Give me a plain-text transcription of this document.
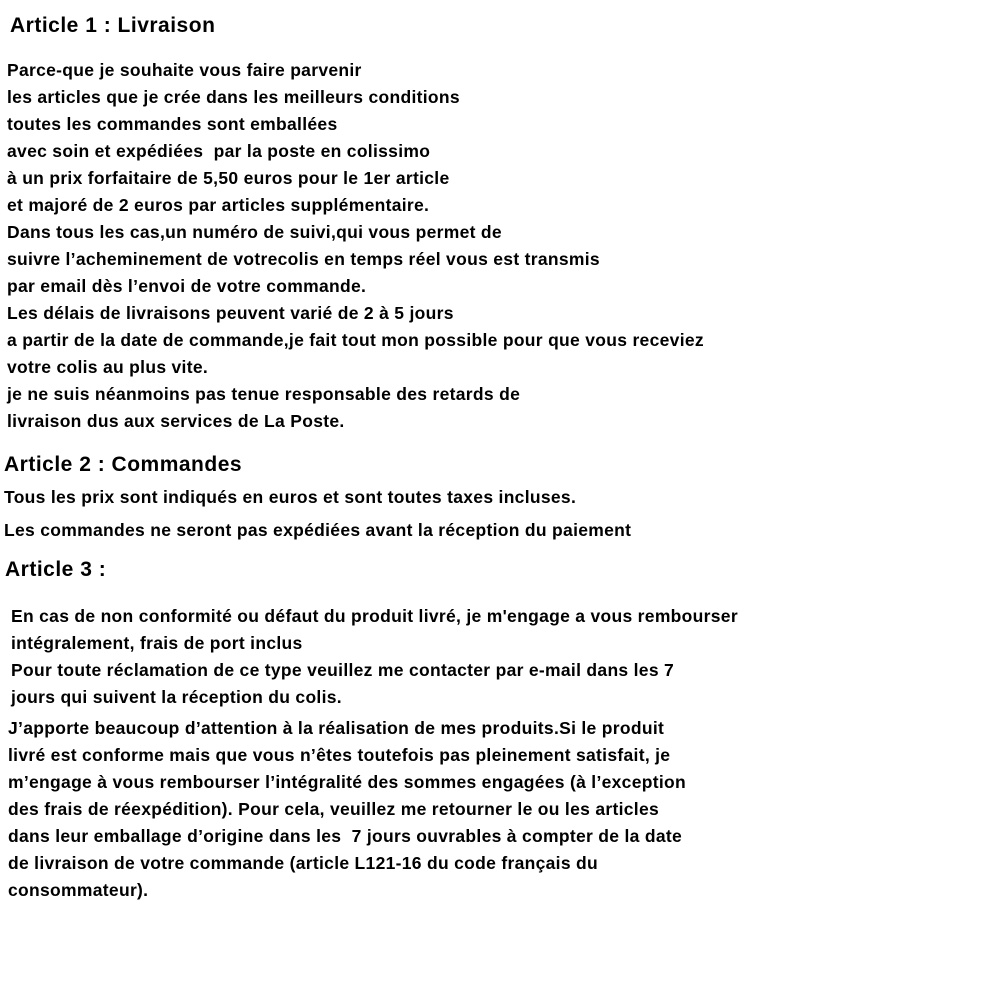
Article 1 : Livraison
Parce-que je souhaite vous faire parvenir
les articles que je crée dans les meilleurs conditions
toutes les commandes sont emballées
avec soin et expédiées  par la poste en colissimo
à un prix forfaitaire de 5,50 euros pour le 1er article
et majoré de 2 euros par articles supplémentaire.
Dans tous les cas,un numéro de suivi,qui vous permet de
suivre l’acheminement de votrecolis en temps réel vous est transmis
par email dès l’envoi de votre commande.
Les délais de livraisons peuvent varié de 2 à 5 jours
a partir de la date de commande,je fait tout mon possible pour que vous receviez
votre colis au plus vite.
je ne suis néanmoins pas tenue responsable des retards de
livraison dus aux services de La Poste.
Article 2 : Commandes
Tous les prix sont indiqués en euros et sont toutes taxes incluses.
Les commandes ne seront pas expédiées avant la réception du paiement
Article 3 :
En cas de non conformité ou défaut du produit livré, je m'engage a vous rembourser
intégralement, frais de port inclus
Pour toute réclamation de ce type veuillez me contacter par e-mail dans les 7
jours qui suivent la réception du colis.
J’apporte beaucoup d’attention à la réalisation de mes produits.Si le produit
livré est conforme mais que vous n’êtes toutefois pas pleinement satisfait, je
m’engage à vous rembourser l’intégralité des sommes engagées (à l’exception
des frais de réexpédition). Pour cela, veuillez me retourner le ou les articles
dans leur emballage d’origine dans les  7 jours ouvrables à compter de la date
de livraison de votre commande (article L121-16 du code français du
consommateur).
